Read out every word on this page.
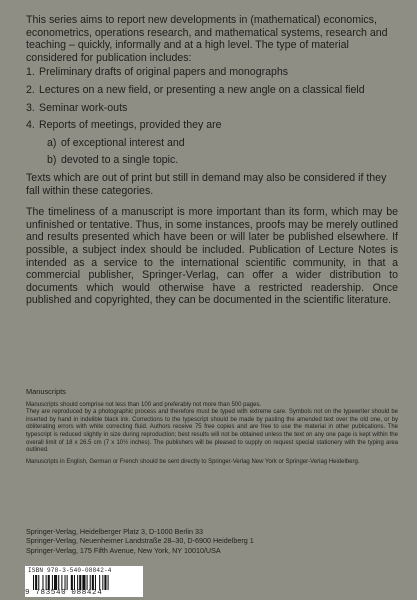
This series aims to report new developments in (mathematical) economics, econometrics, operations research, and mathematical systems, research and teaching – quickly, informally and at a high level. The type of material considered for publication includes:

1. Preliminary drafts of original papers and monographs
2. Lectures on a new field, or presenting a new angle on a classical field
3. Seminar work-outs
4. Reports of meetings, provided they are
a) of exceptional interest and
b) devoted to a single topic.

Texts which are out of print but still in demand may also be considered if they fall within these categories.

The timeliness of a manuscript is more important than its form, which may be unfinished or tentative. Thus, in some instances, proofs may be merely outlined and results presented which have been or will later be published elsewhere. If possible, a subject index should be included. Publication of Lecture Notes is intended as a service to the international scientific community, in that a commercial publisher, Springer-Verlag, can offer a wider distribution to documents which would otherwise have a restricted readership. Once published and copyrighted, they can be documented in the scientific literature.

Manuscripts

Manuscripts should comprise not less than 100 and preferably not more than 500 pages.

They are reproduced by a photographic process and therefore must be typed with extreme care. Symbols not on the typewriter should be inserted by hand in indelible black ink. Corrections to the typescript should be made by pasting the amended text over the old one, or by obliterating errors with white correcting fluid. Authors receive 75 free copies and are free to use the material in other publications. The typescript is reduced slightly in size during reproduction; best results will not be obtained unless the text on any one page is kept within the overall limit of 18 x 26.5 cm (7 x 10½ inches). The publishers will be pleased to supply on request special stationery with the typing area outlined.

Manuscripts in English, German or French should be sent directly to Springer-Verlag New York or Springer-Verlag Heidelberg.

Springer-Verlag, Heidelberger Platz 3, D-1000 Berlin 33
Springer-Verlag, Neuenheimer Landstraße 28–30, D-6900 Heidelberg 1
Springer-Verlag, 175 Fifth Avenue, New York, NY 10010/USA
ISBN 978-3-540-08842-4
9 783540 088424
